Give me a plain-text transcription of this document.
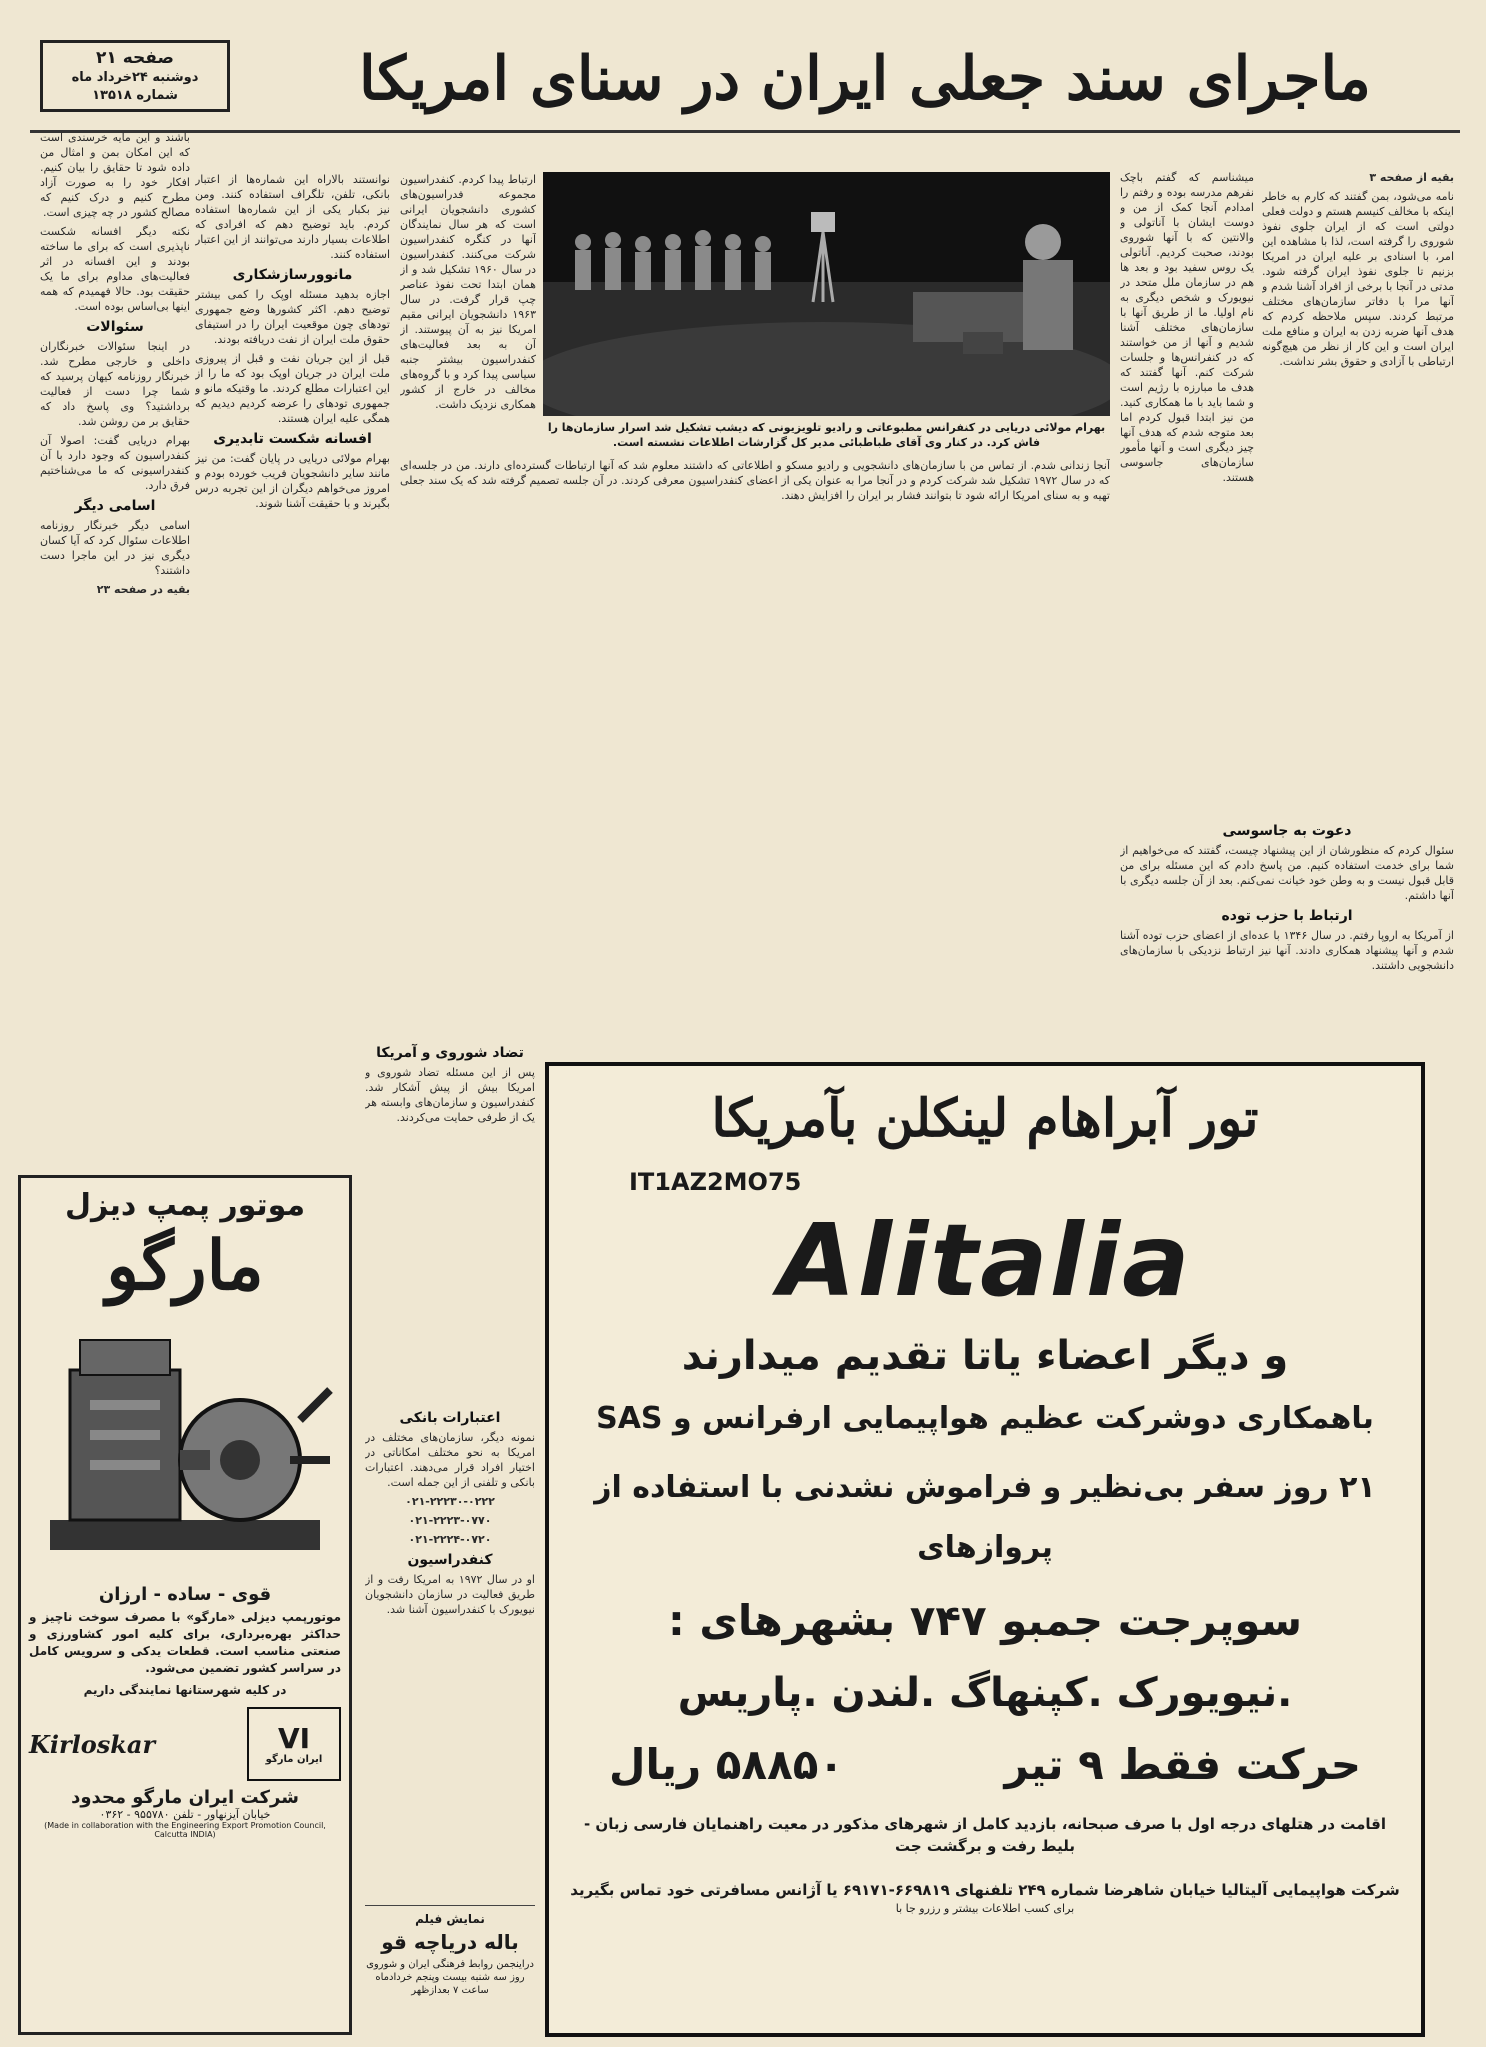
صفحه ۲۱
دوشنبه ۲۴خرداد ماه
شماره ۱۳۵۱۸	ماجرای سند جعلی ایران در سنای امریکا
بهرام مولائی دریایی در کنفرانس مطبوعاتی و رادیو تلویزیونی که دیشب تشکیل شد اسرار سازمان‌ها را فاش کرد. در کنار وی آقای طباطبائی مدیر کل گزارشات اطلاعات نشسته است.

بقیه از صفحه ۳

نامه می‌شود، بمن گفتند که کارم به خاطر اینکه با مخالف کنیسم هستم و دولت فعلی دولتی است که از ایران جلوی نفوذ شوروی را گرفته است، لذا با مشاهده این امر، با اسنادی بر علیه ایران در امریکا بزنیم تا جلوی نفوذ ایران گرفته شود. مدتی در آنجا با برخی از افراد آشنا شدم و آنها مرا با دفاتر سازمان‌های مختلف مرتبط کردند. سپس ملاحظه کردم که هدف آنها ضربه زدن به ایران و منافع ملت ایران است و این کار از نظر من هیچ‌گونه ارتباطی با آزادی و حقوق بشر نداشت.

میشناسم که گفتم باچک نفرهم مدرسه بوده و رفتم را امدادم آنجا کمک از من و دوست ایشان با آناتولی و والانتین که با آنها شوروی بودند، صحبت کردیم. آناتولی یک روس سفید بود و بعد ها هم در سازمان ملل متحد در نیویورک و شخص دیگری به نام اولیا. ما از طریق آنها با سازمان‌های مختلف آشنا شدیم و آنها از من خواستند که در کنفرانس‌ها و جلسات شرکت کنم. آنها گفتند که هدف ما مبارزه با رژیم است و شما باید با ما همکاری کنید. من نیز ابتدا قبول کردم اما بعد متوجه شدم که هدف آنها چیز دیگری است و آنها مأمور سازمان‌های جاسوسی هستند.

آنجا زندانی شدم. از تماس من با سازمان‌های دانشجویی و رادیو مسکو و اطلاعاتی که داشتند معلوم شد که آنها ارتباطات گسترده‌ای دارند. من در جلسه‌ای که در سال ۱۹۷۲ تشکیل شد شرکت کردم و در آنجا مرا به عنوان یکی از اعضای کنفدراسیون معرفی کردند. در آن جلسه تصمیم گرفته شد که یک سند جعلی تهیه و به سنای امریکا ارائه شود تا بتوانند فشار بر ایران را افزایش دهند.

ارتباط پیدا کردم. کنفدراسیون مجموعه فدراسیون‌های کشوری دانشجویان ایرانی است که هر سال نمایندگان آنها در کنگره کنفدراسیون شرکت می‌کنند. کنفدراسیون در سال ۱۹۶۰ تشکیل شد و از همان ابتدا تحت نفوذ عناصر چپ قرار گرفت. در سال ۱۹۶۳ دانشجویان ایرانی مقیم امریکا نیز به آن پیوستند. از آن به بعد فعالیت‌های کنفدراسیون بیشتر جنبه سیاسی پیدا کرد و با گروه‌های مخالف در خارج از کشور همکاری نزدیک داشت.

دعوت به جاسوسی

سئوال کردم که منظورشان از این پیشنهاد چیست، گفتند که می‌خواهیم از شما برای خدمت استفاده کنیم. من پاسخ دادم که این مسئله برای من قابل قبول نیست و به وطن خود خیانت نمی‌کنم. بعد از آن جلسه دیگری با آنها داشتم.

ارتباط با حزب توده

از آمریکا به اروپا رفتم. در سال ۱۳۴۶ با عده‌ای از اعضای حزب توده آشنا شدم و آنها پیشنهاد همکاری دادند. آنها نیز ارتباط نزدیکی با سازمان‌های دانشجویی داشتند.

نوانستند بالاراه این شماره‌ها از اعتبار بانکی، تلفن، تلگراف استفاده کنند. ومن نیز بکبار یکی از این شماره‌ها استفاده کردم. باید توضیح دهم که افرادی که اطلاعات بسیار دارند می‌توانند از این اعتبار استفاده کنند.

مانوورسازشکاری

اجازه بدهید مسئله اوپک را کمی بیشتر توضیح دهم. اکثر کشورها وضع جمهوری تودهای چون موقعیت ایران را در استیفای حقوق ملت ایران از نفت دریافته بودند.

قبل از این جریان نفت و قبل از پیروزی ملت ایران در جریان اوپک بود که ما را از این اعتبارات مطلع کردند. ما وقتیکه مانو و جمهوری تودهای را عرضه کردیم دیدیم که همگی علیه ایران هستند.

افسانه شکست تابدیری

بهرام مولائی دریایی در پایان گفت: من نیز مانند سایر دانشجویان فریب خورده بودم و امروز می‌خواهم دیگران از این تجربه درس بگیرند و با حقیقت آشنا شوند.

باشند و این مایه خرسندی است که این امکان بمن و امثال من داده شود تا حقایق را بیان کنیم. افکار خود را به صورت آزاد مطرح کنیم و درک کنیم که مصالح کشور در چه چیزی است.

نکته دیگر افسانه شکست ناپذیری است که برای ما ساخته بودند و این افسانه در اثر فعالیت‌های مداوم برای ما یک حقیقت بود. حالا فهمیدم که همه اینها بی‌اساس بوده است.

سئوالات

در اینجا سئوالات خبرنگاران داخلی و خارجی مطرح شد. خبرنگار روزنامه کیهان پرسید که شما چرا دست از فعالیت برداشتید؟ وی پاسخ داد که حقایق بر من روشن شد.

بهرام دریایی گفت: اصولا آن کنفدراسیون که وجود دارد با آن کنفدراسیونی که ما می‌شناختیم فرق دارد.

اسامی دیگر

اسامی دیگر خبرنگار روزنامه اطلاعات سئوال کرد که آیا کسان دیگری نیز در این ماجرا دست داشتند؟

بقیه در صفحه ۲۳

تضاد شوروی و آمریکا

پس از این مسئله تضاد شوروی و امریکا بیش از پیش آشکار شد. کنفدراسیون و سازمان‌های وابسته هر یک از طرفی حمایت می‌کردند.

اعتبارات بانکی

نمونه دیگر، سازمان‌های مختلف در امریکا به نحو مختلف امکاناتی در اختیار افراد قرار می‌دهند. اعتبارات بانکی و تلفنی از این جمله است.

۰۲۱-۲۲۲۳۰-۰۲۲۲

۰۲۱-۲۲۲۳-۰۷۷۰

۰۲۱-۲۲۲۴-۰۷۲۰

کنفدراسیون

او در سال ۱۹۷۲ به امریکا رفت و از طریق فعالیت در سازمان دانشجویان نیویورک با کنفدراسیون آشنا شد.

نمایش فیلم
باله دریاچه قو
دراینجمن روابط فرهنگی ایران و شوروی روز سه شنبه بیست وپنجم خردادماه ساعت ۷ بعدازظهر
موتور پمپ دیزل
مارگو
قوی - ساده - ارزان
موتورپمپ دیزلی «مارگو» با مصرف سوخت ناچیز و حداکثر بهره‌برداری، برای کلیه امور کشاورزی و صنعتی مناسب است. قطعات یدکی و سرویس کامل در سراسر کشور تضمین می‌شود.
در کلیه شهرستانها نمایندگی داریم
Kirloskar	ⅤⅠ
ایران مارگو
شرکت ایران مارگو محدود
خیابان آیزنهاور - تلفن ۹۵۵۷۸۰ - ۰۳۶۲
(Made in collaboration with the Engineering Export Promotion Council, Calcutta INDIA)
تور آبراهام لینکلن بآمریکا
IT1AZ2MO75
Alitalia
و دیگر اعضاء یاتا تقدیم میدارند
باهمکاری دوشرکت عظیم هواپیمایی ارفرانس و SAS
۲۱ روز سفر بی‌نظیر و فراموش نشدنی با استفاده از پروازهای
سوپرجت جمبو ۷۴۷ بشهرهای :
.نیویورک .کپنهاگ .لندن .پاریس
حرکت فقط ۹ تیر
۵۸۸۵۰ ریال
اقامت در هتلهای درجه اول با صرف صبحانه، بازدید کامل از شهرهای مذکور در معیت راهنمایان فارسی زبان - بلیط رفت و برگشت جت
شرکت هواپیمایی آلیتالیا خیابان شاهرضا شماره ۲۴۹ تلفنهای ۶۶۹۸۱۹-۶۹۱۷۱ یا آژانس مسافرتی خود تماس بگیرید
برای کسب اطلاعات بیشتر و رزرو جا با
